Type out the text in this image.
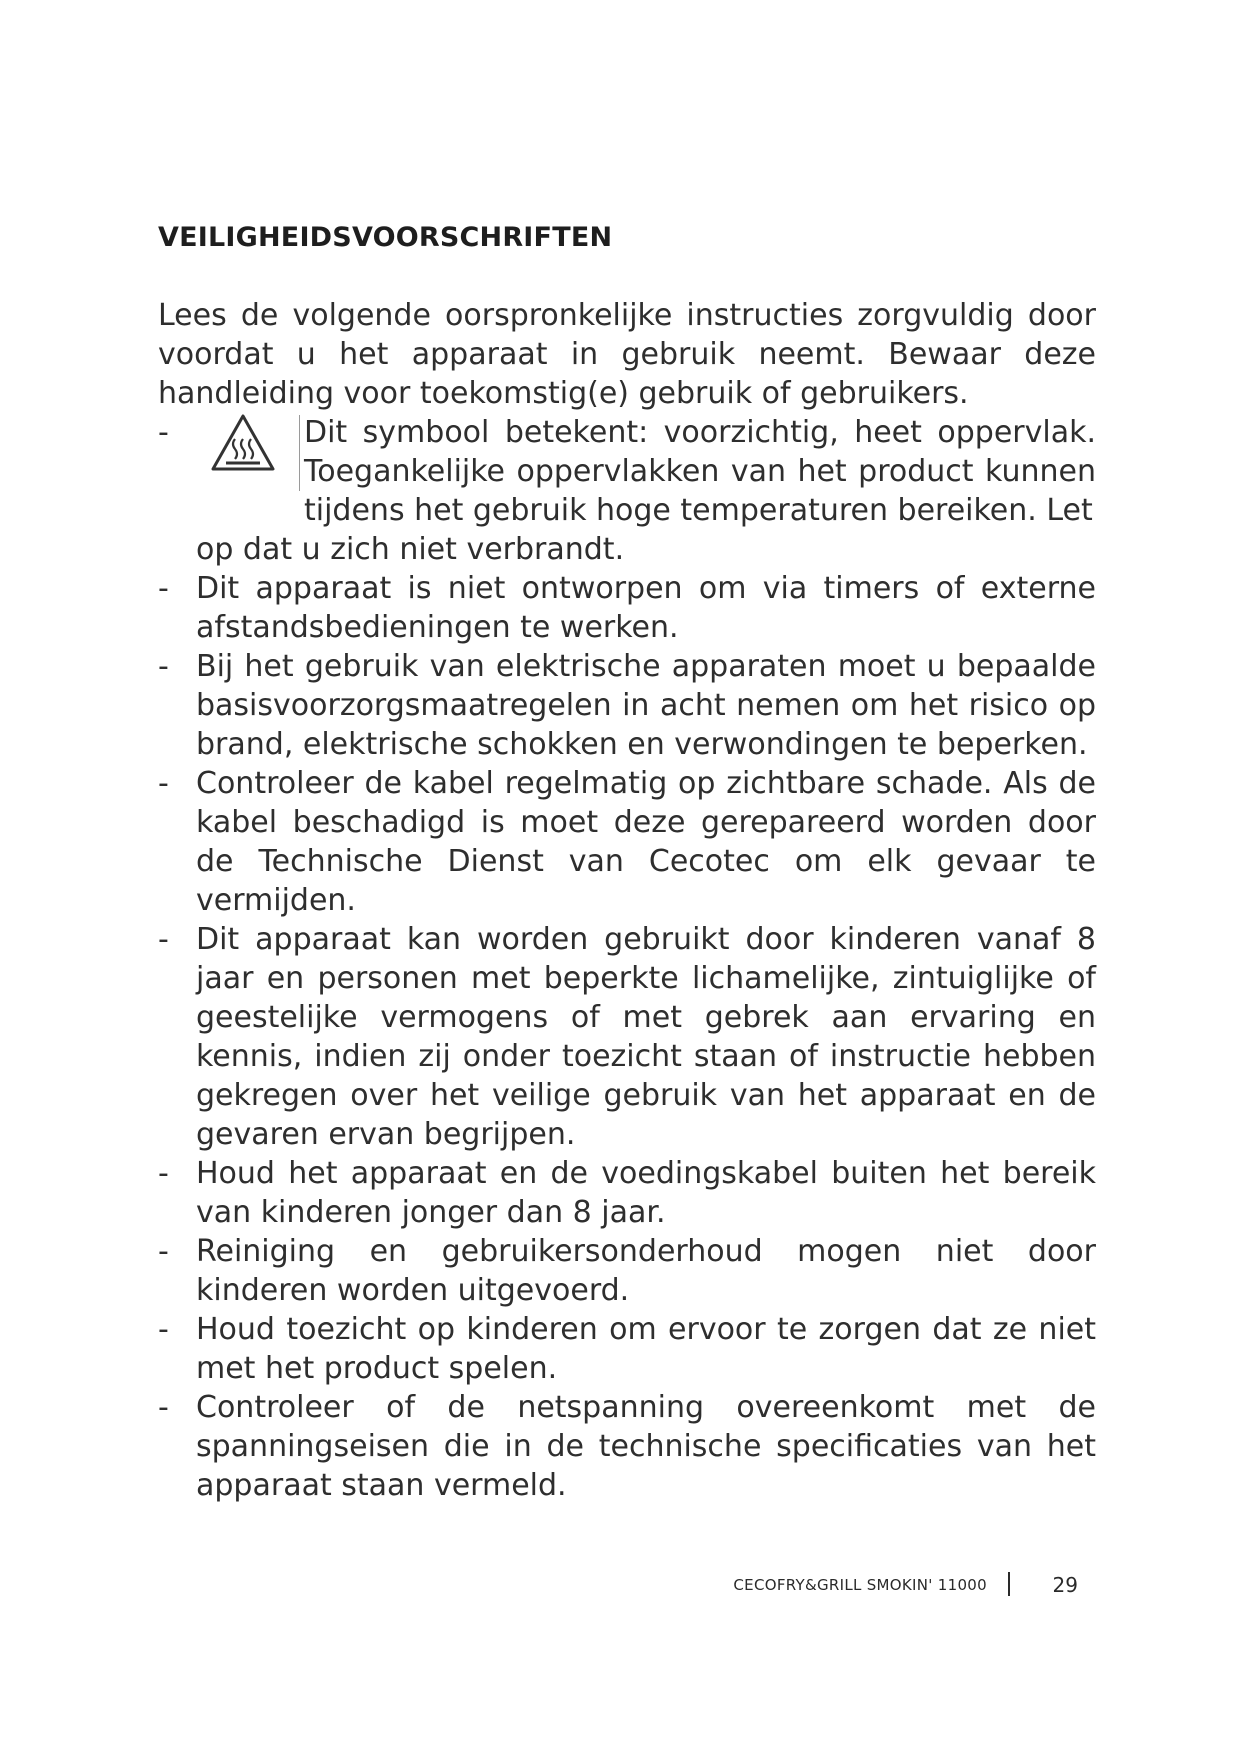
VEILIGHEIDSVOORSCHRIFTEN

Lees de volgende oorspronkelijke instructies zorgvuldig door voordat u het apparaat in gebruik neemt. Bewaar deze handleiding voor toekomstig(e) gebruik of gebruikers.

-	Dit symbool betekent: voorzichtig, heet oppervlak. Toegankelijke oppervlakken van het product kunnen tijdens het gebruik hoge temperaturen bereiken. Let

op dat u zich niet verbrandt.

- Dit apparaat is niet ontworpen om via timers of externe afstandsbedieningen te werken.

- Bij het gebruik van elektrische apparaten moet u bepaalde basisvoorzorgsmaatregelen in acht nemen om het risico op brand, elektrische schokken en verwondingen te beperken.

- Controleer de kabel regelmatig op zichtbare schade. Als de kabel beschadigd is moet deze gerepareerd worden door de Technische Dienst van Cecotec om elk gevaar te vermijden.

- Dit apparaat kan worden gebruikt door kinderen vanaf 8 jaar en personen met beperkte lichamelijke, zintuiglijke of geestelijke vermogens of met gebrek aan ervaring en kennis, indien zij onder toezicht staan of instructie hebben gekregen over het veilige gebruik van het apparaat en de gevaren ervan begrijpen.

- Houd het apparaat en de voedingskabel buiten het bereik van kinderen jonger dan 8 jaar.

- Reiniging en gebruikersonderhoud mogen niet door kinderen worden uitgevoerd.

- Houd toezicht op kinderen om ervoor te zorgen dat ze niet met het product spelen.

- Controleer of de netspanning overeenkomt met de spanningseisen die in de technische specificaties van het apparaat staan vermeld.

CECOFRY&GRILL SMOKIN' 11000	29
